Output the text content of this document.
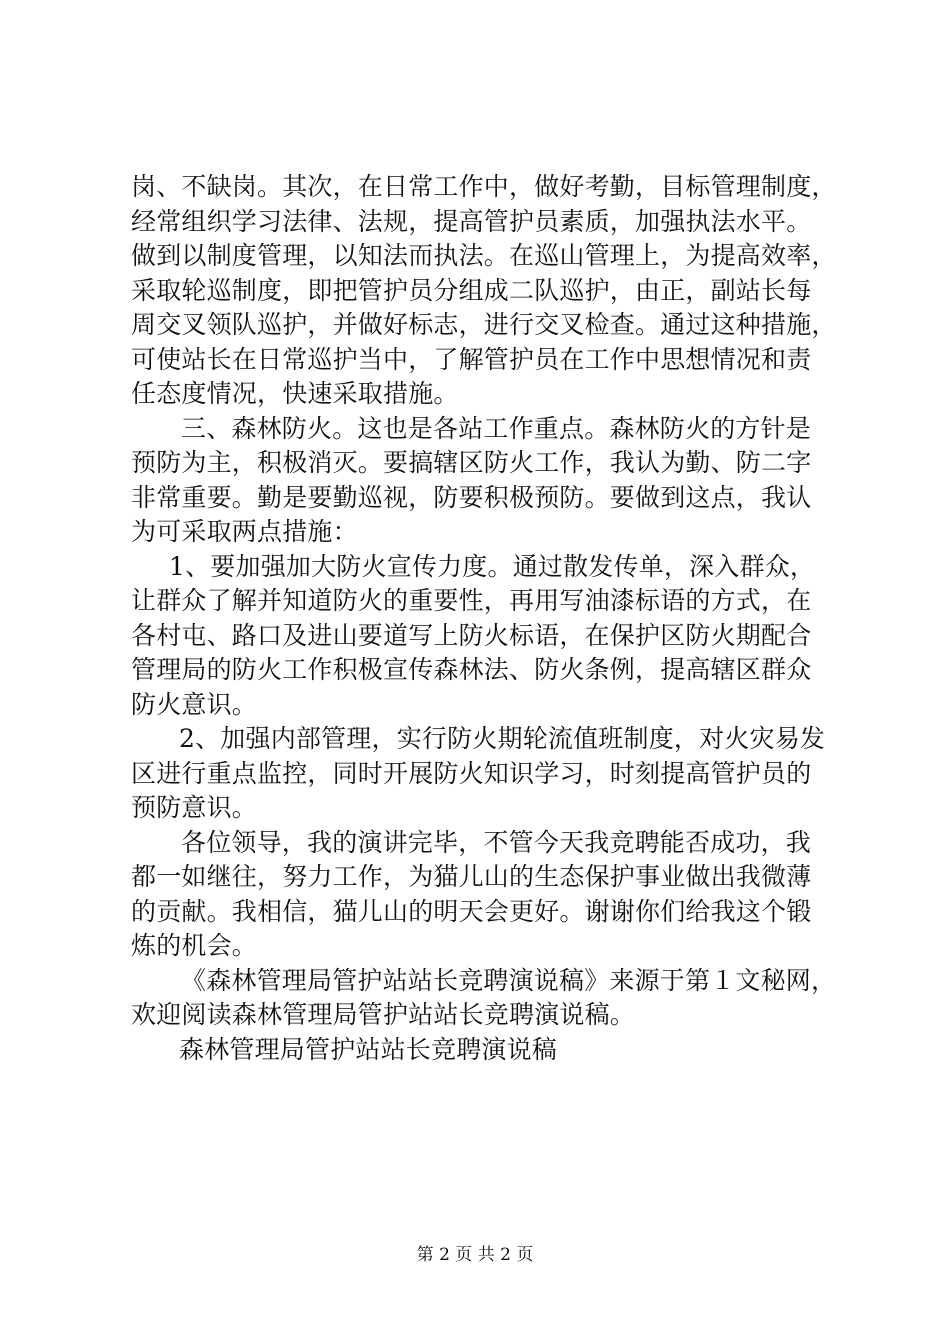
岗、不缺岗。其次，在日常工作中，做好考勤，目标管理制度，
经常组织学习法律、法规，提高管护员素质，加强执法水平。
做到以制度管理，以知法而执法。在巡山管理上，为提高效率，
采取轮巡制度，即把管护员分组成二队巡护，由正，副站长每
周交叉领队巡护，并做好标志，进行交叉检查。通过这种措施，
可使站长在日常巡护当中，了解管护员在工作中思想情况和责
任态度情况，快速采取措施。
三、森林防火。这也是各站工作重点。森林防火的方针是
预防为主，积极消灭。要搞辖区防火工作，我认为勤、防二字
非常重要。勤是要勤巡视，防要积极预防。要做到这点，我认
为可采取两点措施：
1、要加强加大防火宣传力度。通过散发传单，深入群众，
让群众了解并知道防火的重要性，再用写油漆标语的方式，在
各村屯、路口及进山要道写上防火标语，在保护区防火期配合
管理局的防火工作积极宣传森林法、防火条例，提高辖区群众
防火意识。
2、加强内部管理，实行防火期轮流值班制度，对火灾易发
区进行重点监控，同时开展防火知识学习，时刻提高管护员的
预防意识。
各位领导，我的演讲完毕，不管今天我竞聘能否成功，我
都一如继往，努力工作，为猫儿山的生态保护事业做出我微薄
的贡献。我相信，猫儿山的明天会更好。谢谢你们给我这个锻
炼的机会。
《森林管理局管护站站长竞聘演说稿》来源于第１文秘网，
欢迎阅读森林管理局管护站站长竞聘演说稿。
森林管理局管护站站长竞聘演说稿
第 2 页 共 2 页
